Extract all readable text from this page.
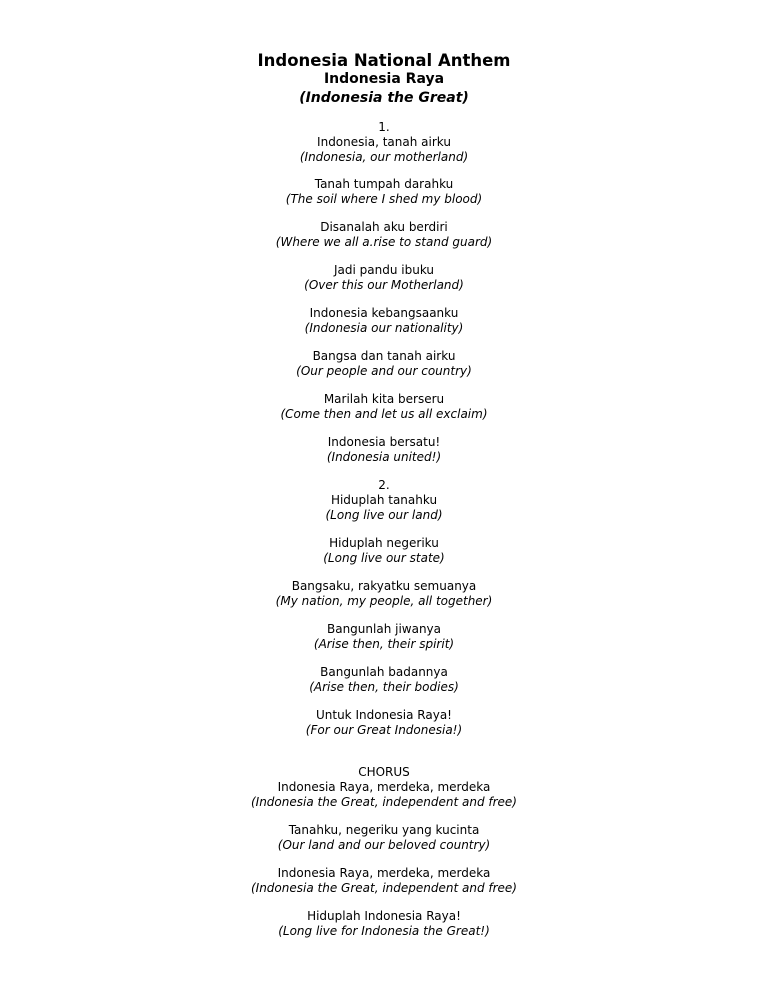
Indonesia National Anthem
Indonesia Raya
(Indonesia the Great)
1.
Indonesia, tanah airku
(Indonesia, our motherland)
Tanah tumpah darahku
(The soil where I shed my blood)
Disanalah aku berdiri
(Where we all a.rise to stand guard)
Jadi pandu ibuku
(Over this our Motherland)
Indonesia kebangsaanku
(Indonesia our nationality)
Bangsa dan tanah airku
(Our people and our country)
Marilah kita berseru
(Come then and let us all exclaim)
Indonesia bersatu!
(Indonesia united!)
2.
Hiduplah tanahku
(Long live our land)
Hiduplah negeriku
(Long live our state)
Bangsaku, rakyatku semuanya
(My nation, my people, all together)
Bangunlah jiwanya
(Arise then, their spirit)
Bangunlah badannya
(Arise then, their bodies)
Untuk Indonesia Raya!
(For our Great Indonesia!)
CHORUS
Indonesia Raya, merdeka, merdeka
(Indonesia the Great, independent and free)
Tanahku, negeriku yang kucinta
(Our land and our beloved country)
Indonesia Raya, merdeka, merdeka
(Indonesia the Great, independent and free)
Hiduplah Indonesia Raya!
(Long live for Indonesia the Great!)
